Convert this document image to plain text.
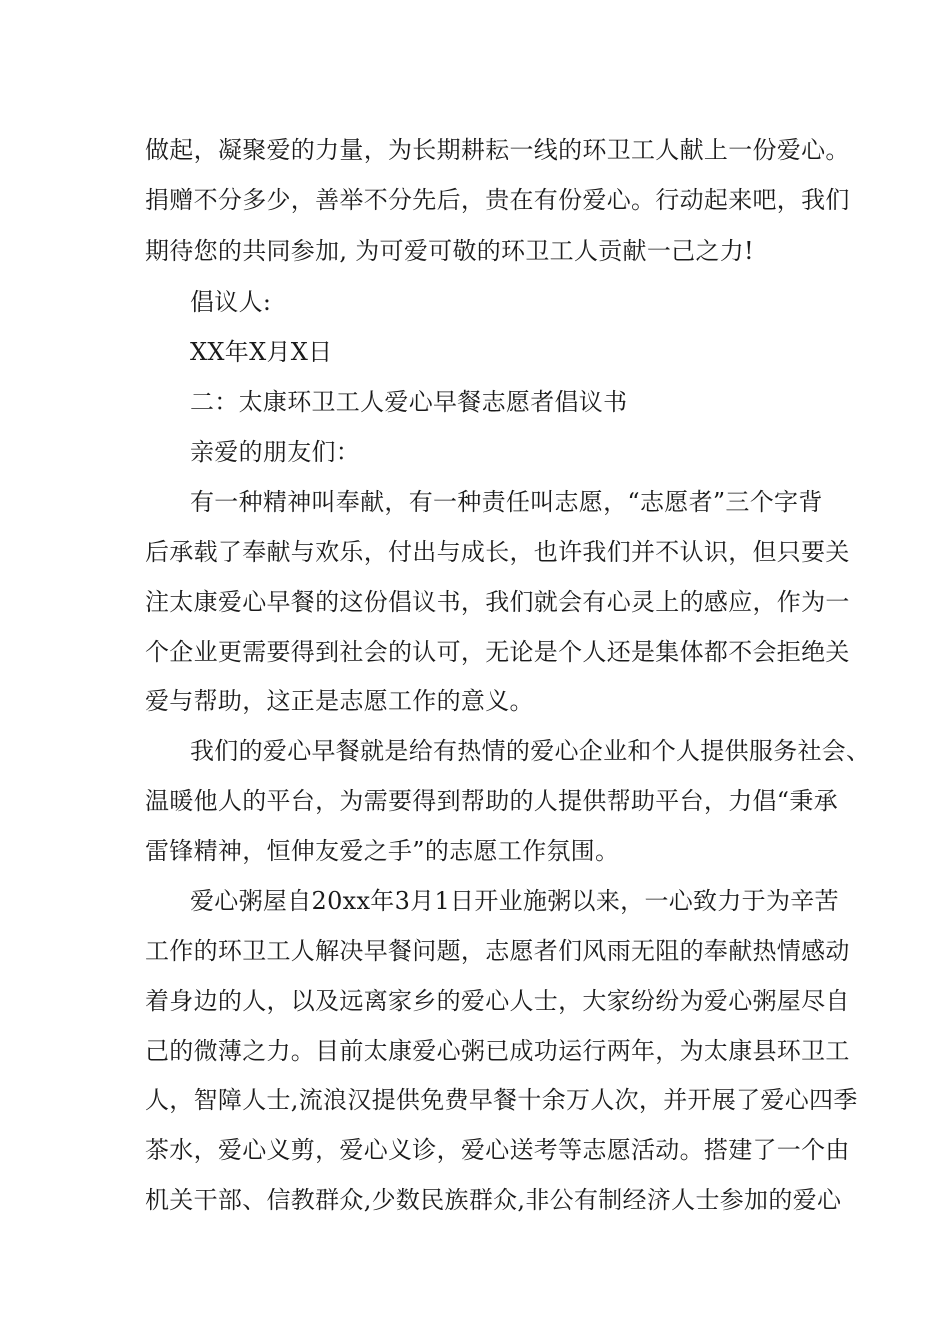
做起，凝聚爱的力量，为长期耕耘一线的环卫工人献上一份爱心。
捐赠不分多少，善举不分先后，贵在有份爱心。行动起来吧，我们
期待您的共同参加, 为可爱可敬的环卫工人贡献一己之力!
倡议人:
XX年X月X日
二：太康环卫工人爱心早餐志愿者倡议书
亲爱的朋友们：
有一种精神叫奉献，有一种责任叫志愿，“志愿者”三个字背
后承载了奉献与欢乐，付出与成长，也许我们并不认识，但只要关
注太康爱心早餐的这份倡议书，我们就会有心灵上的感应，作为一
个企业更需要得到社会的认可，无论是个人还是集体都不会拒绝关
爱与帮助，这正是志愿工作的意义。
我们的爱心早餐就是给有热情的爱心企业和个人提供服务社会、
温暖他人的平台，为需要得到帮助的人提供帮助平台，力倡“秉承
雷锋精神，恒伸友爱之手”的志愿工作氛围。
爱心粥屋自20xx年3月1日开业施粥以来，一心致力于为辛苦
工作的环卫工人解决早餐问题，志愿者们风雨无阻的奉献热情感动
着身边的人，以及远离家乡的爱心人士，大家纷纷为爱心粥屋尽自
己的微薄之力。目前太康爱心粥已成功运行两年，为太康县环卫工
人，智障人士,流浪汉提供免费早餐十余万人次，并开展了爱心四季
茶水，爱心义剪，爱心义诊，爱心送考等志愿活动。搭建了一个由
机关干部、信教群众,少数民族群众,非公有制经济人士参加的爱心
